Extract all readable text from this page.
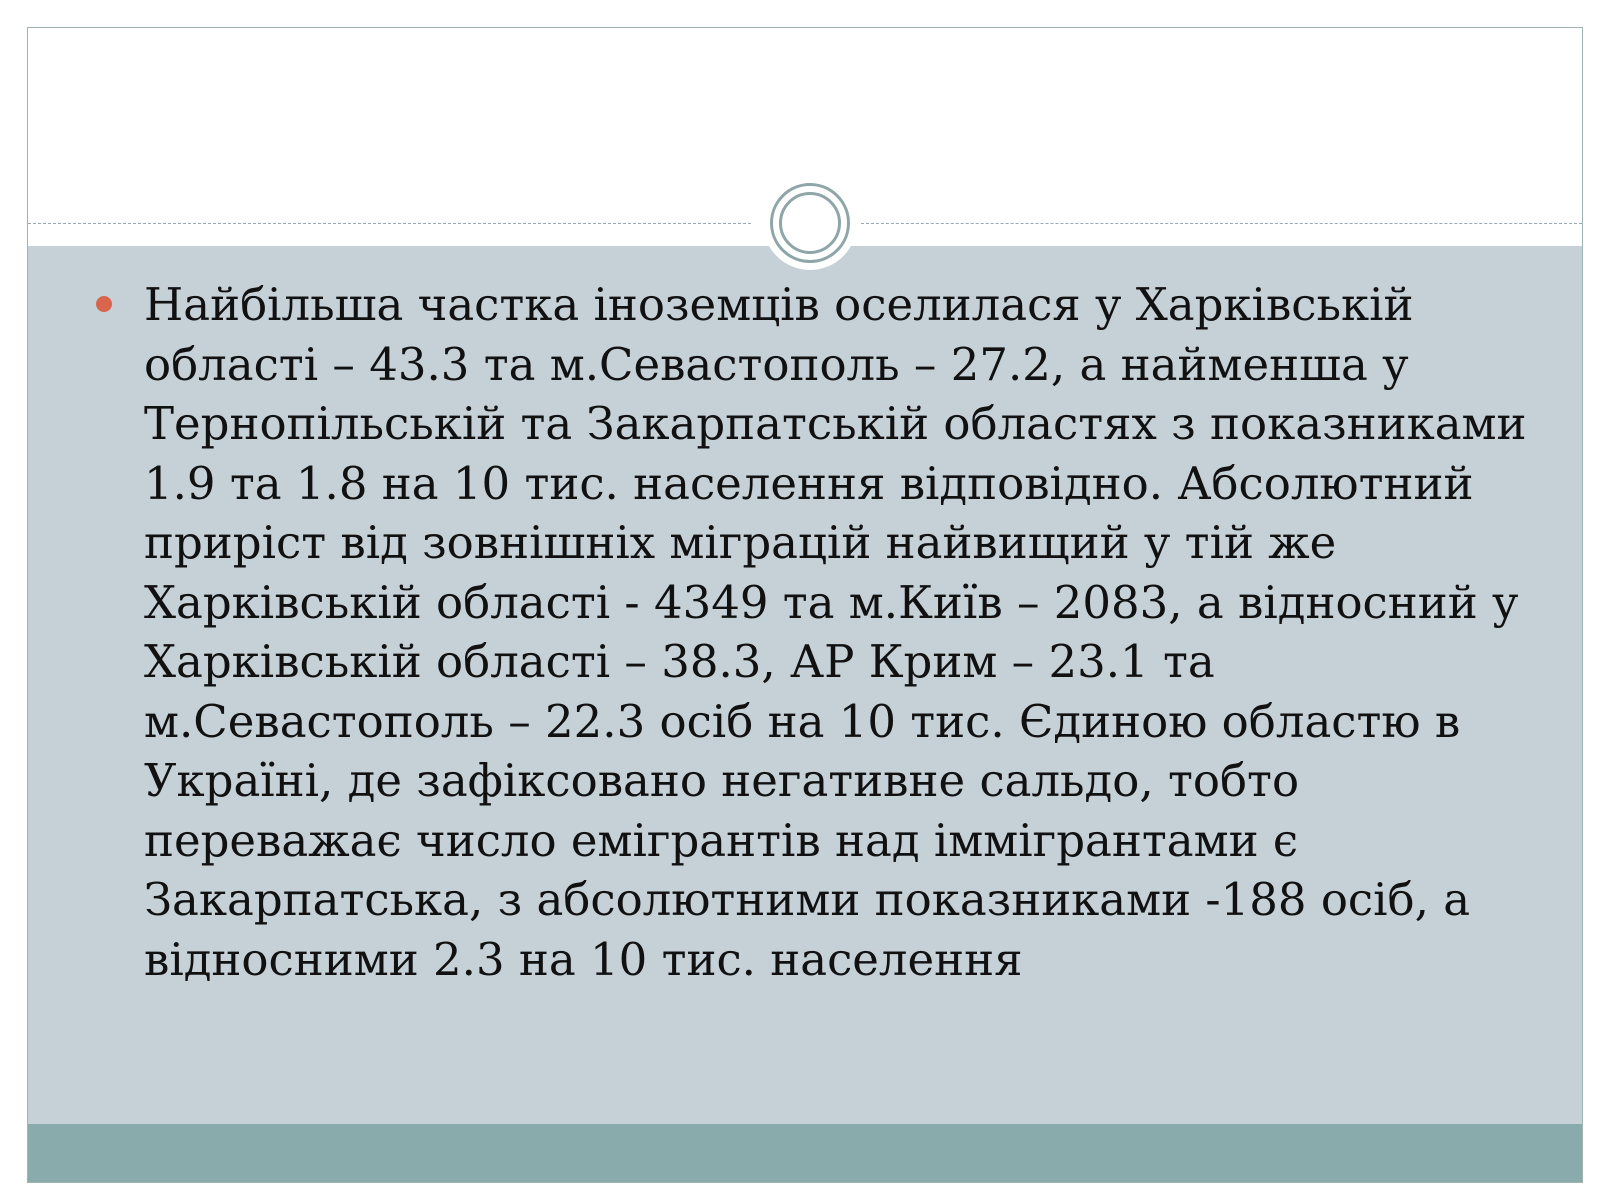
Найбільша частка іноземців оселилася у Харківській області – 43.3 та м.Севастополь – 27.2, а найменша у Тернопільській та Закарпатській областях з показниками 1.9 та 1.8 на 10 тис. населення відповідно. Абсолютний приріст від зовнішніх міграцій найвищий у тій же Харківській області - 4349 та м.Київ – 2083, а відносний у Харківській області – 38.3, АР Крим – 23.1 та м.Севастополь – 22.3 осіб на 10 тис. Єдиною областю в Україні, де зафіксовано негативне сальдо, тобто переважає число емігрантів над іммігрантами є Закарпатська, з абсолютними показниками -188 осіб, а відносними 2.3 на 10 тис. населення
